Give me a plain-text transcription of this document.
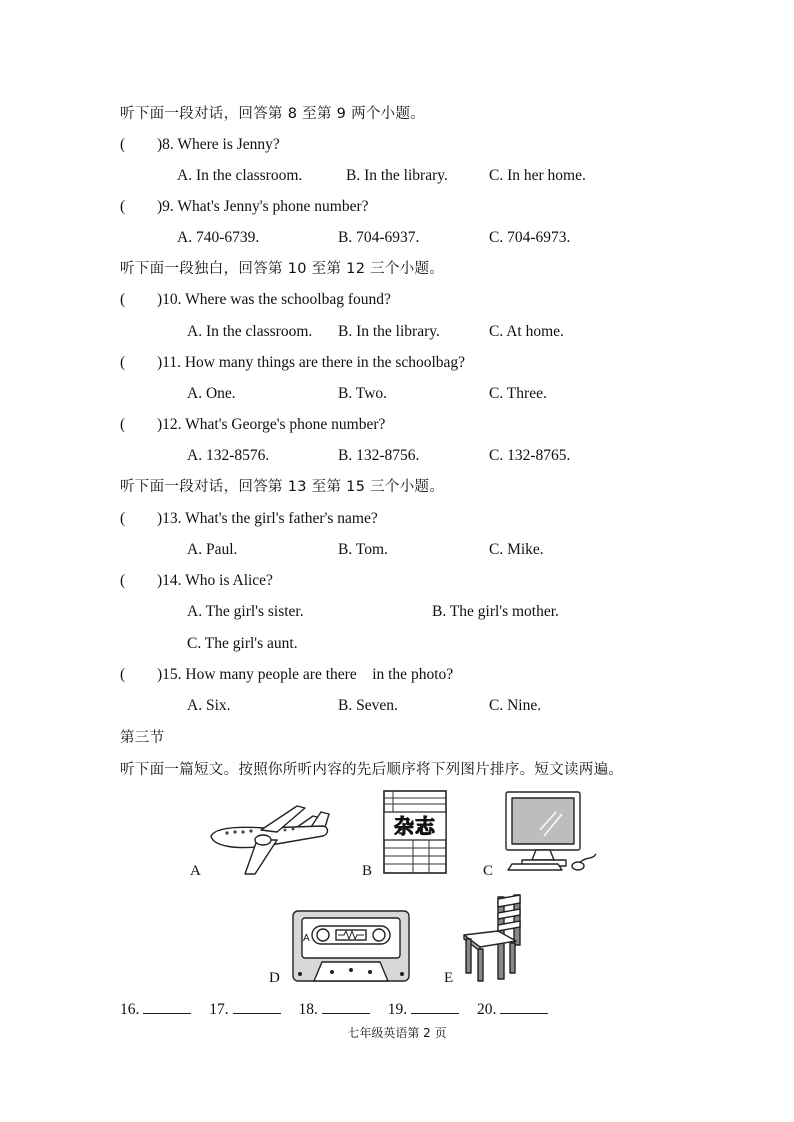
听下面一段对话，回答第 8 至第 9 两个小题。
( )8. Where is Jenny?
A. In the classroom.	B. In the library.	C. In her home.
( )9. What's Jenny's phone number?
A. 740-6739.	B. 704-6937.	C. 704-6973.
听下面一段独白，回答第 10 至第 12 三个小题。
( )10. Where was the schoolbag found?
A. In the classroom. B. In the library.	C. At home.
( )11. How many things are there in the schoolbag?
A. One.	B. Two.	C. Three.
( )12. What's George's phone number?
A. 132-8576.	B. 132-8756.	C. 132-8765.
听下面一段对话，回答第 13 至第 15 三个小题。
( )13. What's the girl's father's name?
A. Paul.	B. Tom.	C. Mike.
( )14. Who is Alice?
A. The girl's sister.	B. The girl's mother.
C. The girl's aunt.
( )15. How many people are there    in the photo?
A. Six.	B. Seven.	C. Nine.
第三节
听下面一篇短文。按照你所听内容的先后顺序将下列图片排序。短文读两遍。
A
杂志
B	C
A
D	E
16.	17.	18.	19.	20.
七年级英语第 2 页
